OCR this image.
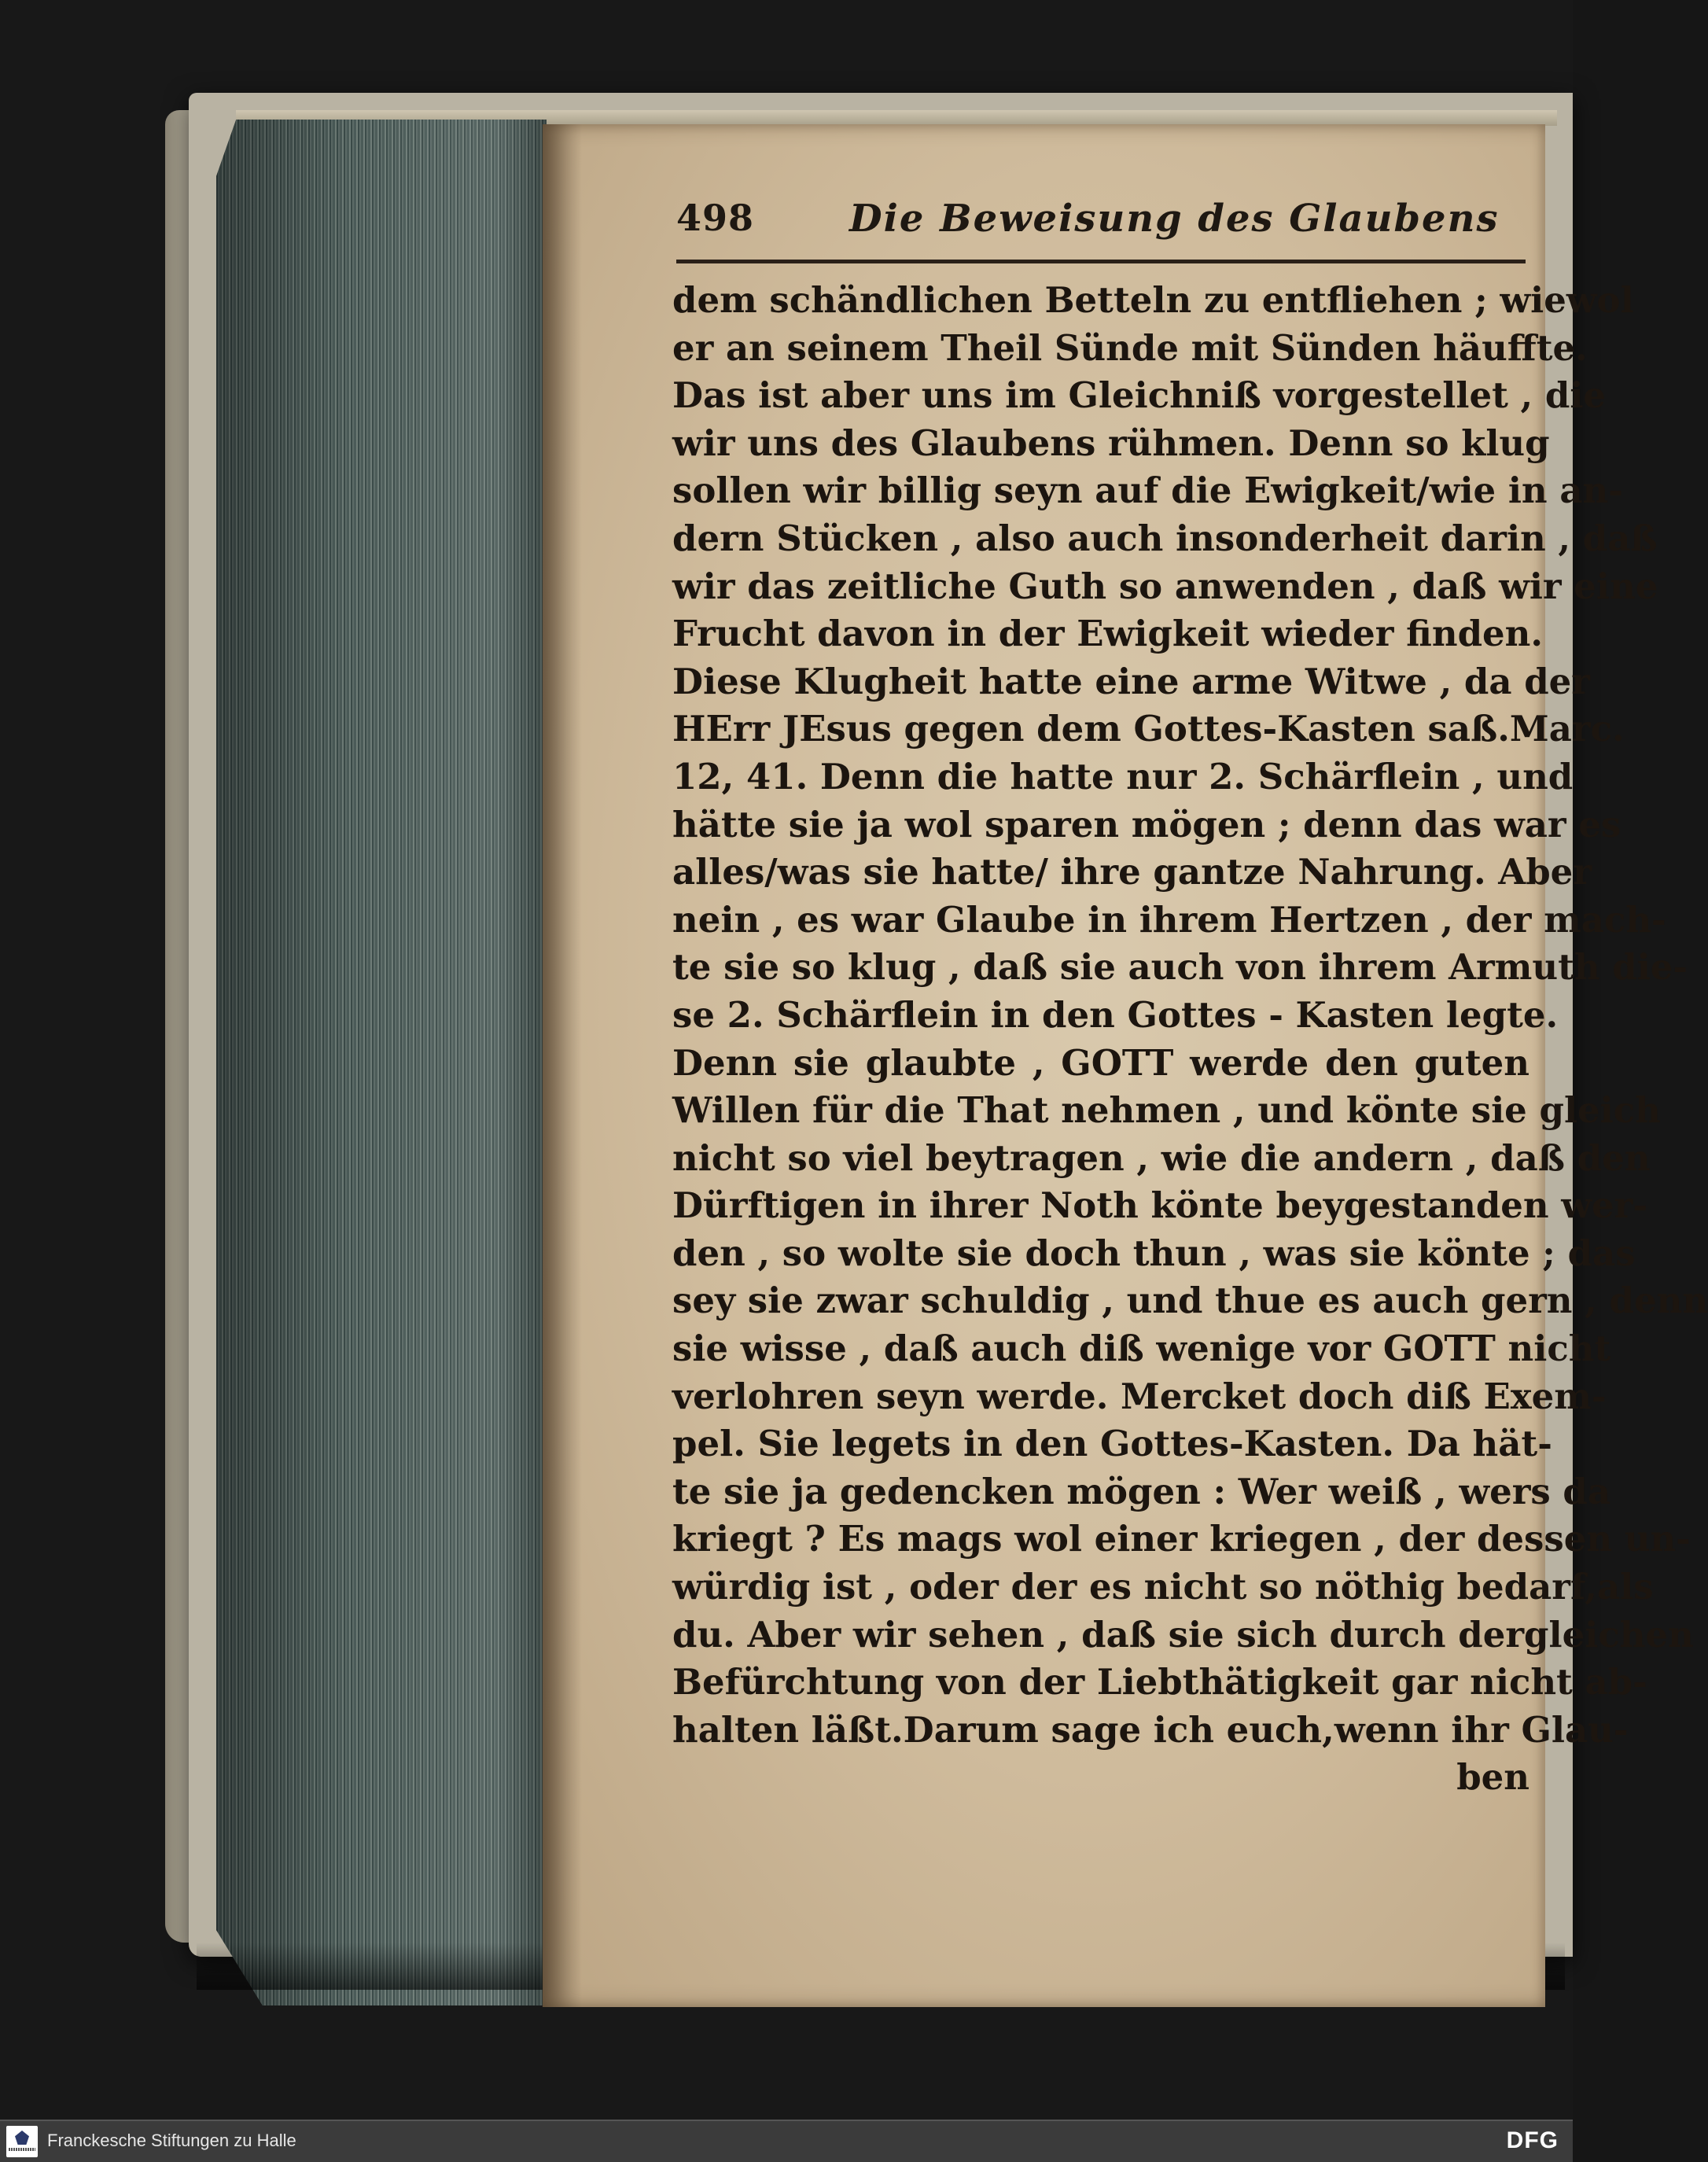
498	Die Beweisung des Glaubens
dem schändlichen Betteln zu entfliehen ; wiewol
er an seinem Theil Sünde mit Sünden häuffte.
Das ist aber uns im Gleichniß vorgestellet , die
wir uns des Glaubens rühmen. Denn so klug
sollen wir billig seyn auf die Ewigkeit/wie in an-
dern Stücken , also auch insonderheit darin , daß
wir das zeitliche Guth so anwenden , daß wir eine
Frucht davon in der Ewigkeit wieder finden.
Diese Klugheit hatte eine arme Witwe , da der
HErr JEsus gegen dem Gottes-Kasten saß.Marc.
12, 41. Denn die hatte nur 2. Schärflein , und
hätte sie ja wol sparen mögen ; denn das war es
alles/was sie hatte/ ihre gantze Nahrung. Aber
nein , es war Glaube in ihrem Hertzen , der mach-
te sie so klug , daß sie auch von ihrem Armuth die-
se 2. Schärflein in den Gottes - Kasten legte.
Denn sie glaubte , GOTT werde den guten
Willen für die That nehmen , und könte sie gleich
nicht so viel beytragen , wie die andern , daß den
Dürftigen in ihrer Noth könte beygestanden wer-
den , so wolte sie doch thun , was sie könte ; das
sey sie zwar schuldig , und thue es auch gern , denn
sie wisse , daß auch diß wenige vor GOTT nicht
verlohren seyn werde. Mercket doch diß Exem-
pel. Sie legets in den Gottes-Kasten. Da hät-
te sie ja gedencken mögen : Wer weiß , wers da
kriegt ? Es mags wol einer kriegen , der dessen un-
würdig ist , oder der es nicht so nöthig bedarf,als
du. Aber wir sehen , daß sie sich durch dergleichen
Befürchtung von der Liebthätigkeit gar nicht ab-
halten läßt.Darum sage ich euch,wenn ihr Glau-
ben
Franckesche Stiftungen zu Halle	DFG
